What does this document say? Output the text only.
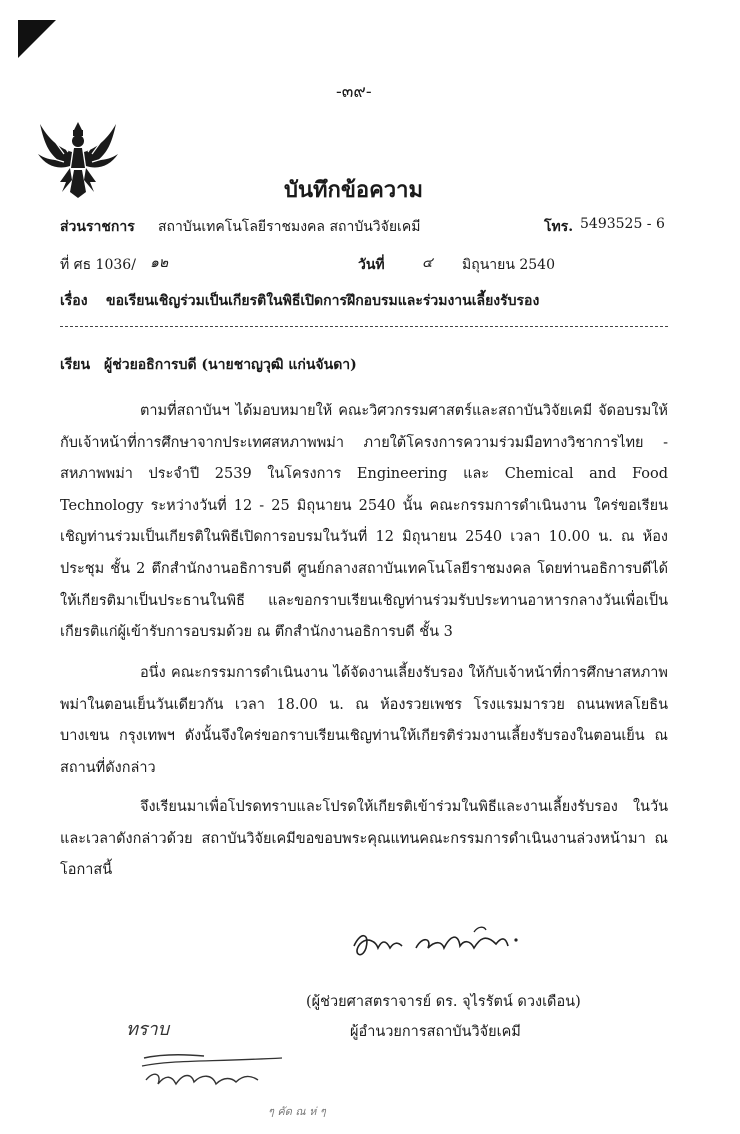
-๓๙-
บันทึกข้อความ
ส่วนราชการ สถาบันเทคโนโลยีราชมงคล สถาบันวิจัยเคมี	โทร. 5493525 - 6
ที่ ศธ 1036/ ๑๒	วันที่	๔ มิถุนายน 2540
เรื่อง ขอเรียนเชิญร่วมเป็นเกียรติในพิธีเปิดการฝึกอบรมและร่วมงานเลี้ยงรับรอง
เรียน ผู้ช่วยอธิการบดี (นายชาญวุฒิ แก่นจันดา)
ตามที่สถาบันฯ ได้มอบหมายให้ คณะวิศวกรรมศาสตร์และสถาบันวิจัยเคมี จัดอบรมให้กับเจ้าหน้าที่การศึกษาจากประเทศสหภาพพม่า ภายใต้โครงการความร่วมมือทางวิชาการไทย - สหภาพพม่า ประจำปี 2539 ในโครงการ Engineering และ Chemical and Food Technology ระหว่างวันที่ 12 - 25 มิถุนายน 2540 นั้น คณะกรรมการดำเนินงาน ใคร่ขอเรียนเชิญท่านร่วมเป็นเกียรติในพิธีเปิดการอบรมในวันที่ 12 มิถุนายน 2540 เวลา 10.00 น. ณ ห้องประชุม ชั้น 2 ตึกสำนักงานอธิการบดี ศูนย์กลางสถาบันเทคโนโลยีราชมงคล โดยท่านอธิการบดีได้ให้เกียรติมาเป็นประธานในพิธี และขอกราบเรียนเชิญท่านร่วมรับประทานอาหารกลางวันเพื่อเป็นเกียรติแก่ผู้เข้ารับการอบรมด้วย ณ ตึกสำนักงานอธิการบดี ชั้น 3
อนึ่ง คณะกรรมการดำเนินงาน ได้จัดงานเลี้ยงรับรอง ให้กับเจ้าหน้าที่การศึกษาสหภาพพม่าในตอนเย็นวันเดียวกัน เวลา 18.00 น. ณ ห้องรวยเพชร โรงแรมมารวย ถนนพหลโยธิน บางเขน กรุงเทพฯ ดังนั้นจึงใคร่ขอกราบเรียนเชิญท่านให้เกียรติร่วมงานเลี้ยงรับรองในตอนเย็น ณ สถานที่ดังกล่าว
จึงเรียนมาเพื่อโปรดทราบและโปรดให้เกียรติเข้าร่วมในพิธีและงานเลี้ยงรับรอง ในวันและเวลาดังกล่าวด้วย สถาบันวิจัยเคมีขอขอบพระคุณแทนคณะกรรมการดำเนินงานล่วงหน้ามา ณ โอกาสนี้
(ผู้ช่วยศาสตราจารย์ ดร. จุไรรัตน์ ดวงเดือน)
ผู้อำนวยการสถาบันวิจัยเคมี
ทราบ
ๆ คัด ณ ห่ ๆ
